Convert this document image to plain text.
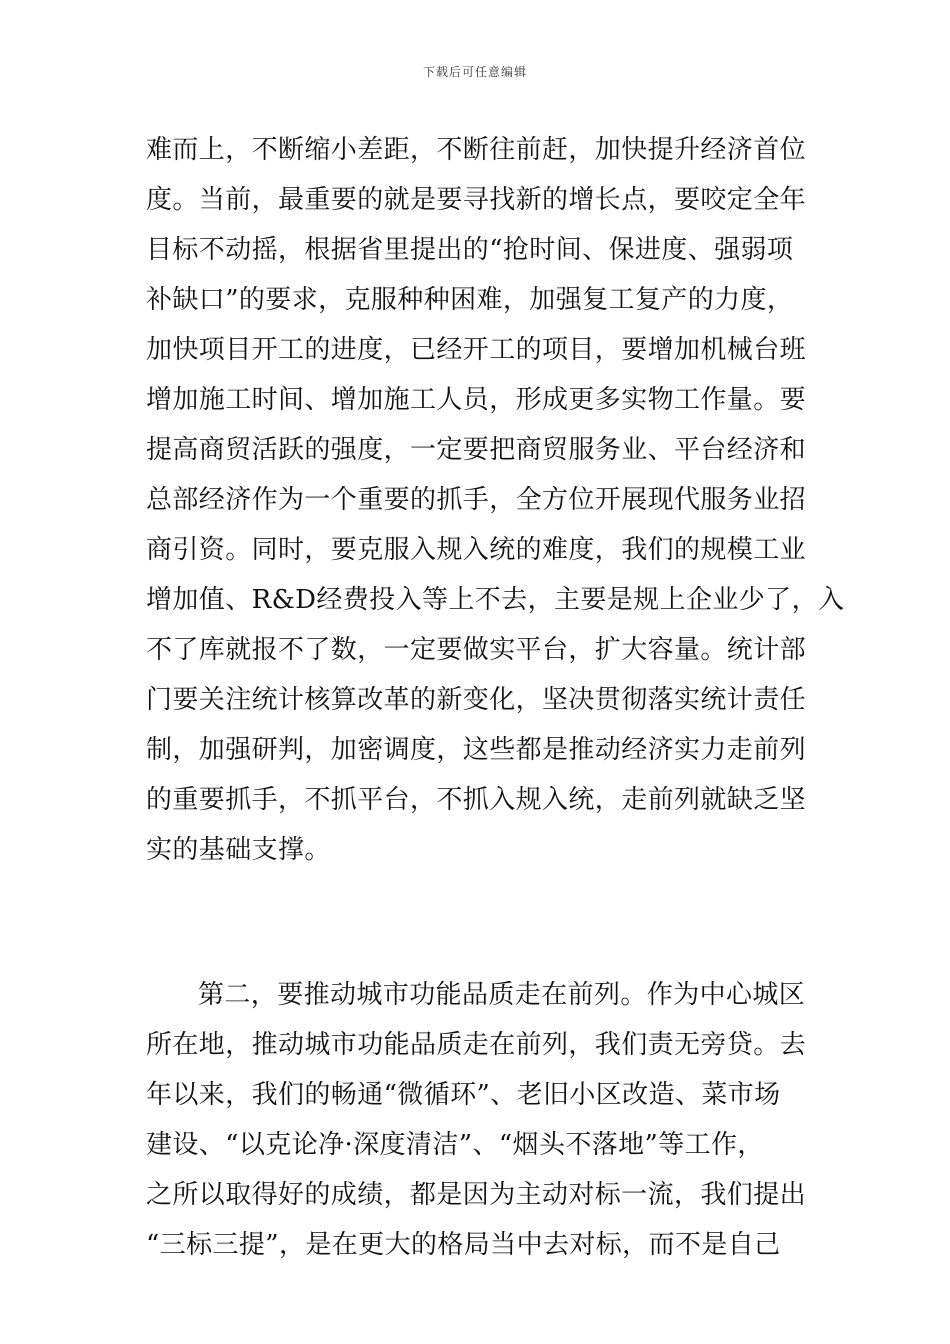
下载后可任意编辑
难而上，不断缩小差距，不断往前赶，加快提升经济首位
度。当前，最重要的就是要寻找新的增长点，要咬定全年
目标不动摇，根据省里提出的“抢时间、保进度、强弱项
补缺口”的要求，克服种种困难，加强复工复产的力度，
加快项目开工的进度，已经开工的项目，要增加机械台班
增加施工时间、增加施工人员，形成更多实物工作量。要
提高商贸活跃的强度，一定要把商贸服务业、平台经济和
总部经济作为一个重要的抓手，全方位开展现代服务业招
商引资。同时，要克服入规入统的难度，我们的规模工业
增加值、R&D经费投入等上不去，主要是规上企业少了，入
不了库就报不了数，一定要做实平台，扩大容量。统计部
门要关注统计核算改革的新变化，坚决贯彻落实统计责任
制，加强研判，加密调度，这些都是推动经济实力走前列
的重要抓手，不抓平台，不抓入规入统，走前列就缺乏坚
实的基础支撑。
第二，要推动城市功能品质走在前列。作为中心城区
所在地，推动城市功能品质走在前列，我们责无旁贷。去
年以来，我们的畅通“微循环”、老旧小区改造、菜市场
建设、“以克论净·深度清洁”、“烟头不落地”等工作，
之所以取得好的成绩，都是因为主动对标一流，我们提出
“三标三提”，是在更大的格局当中去对标，而不是自己
